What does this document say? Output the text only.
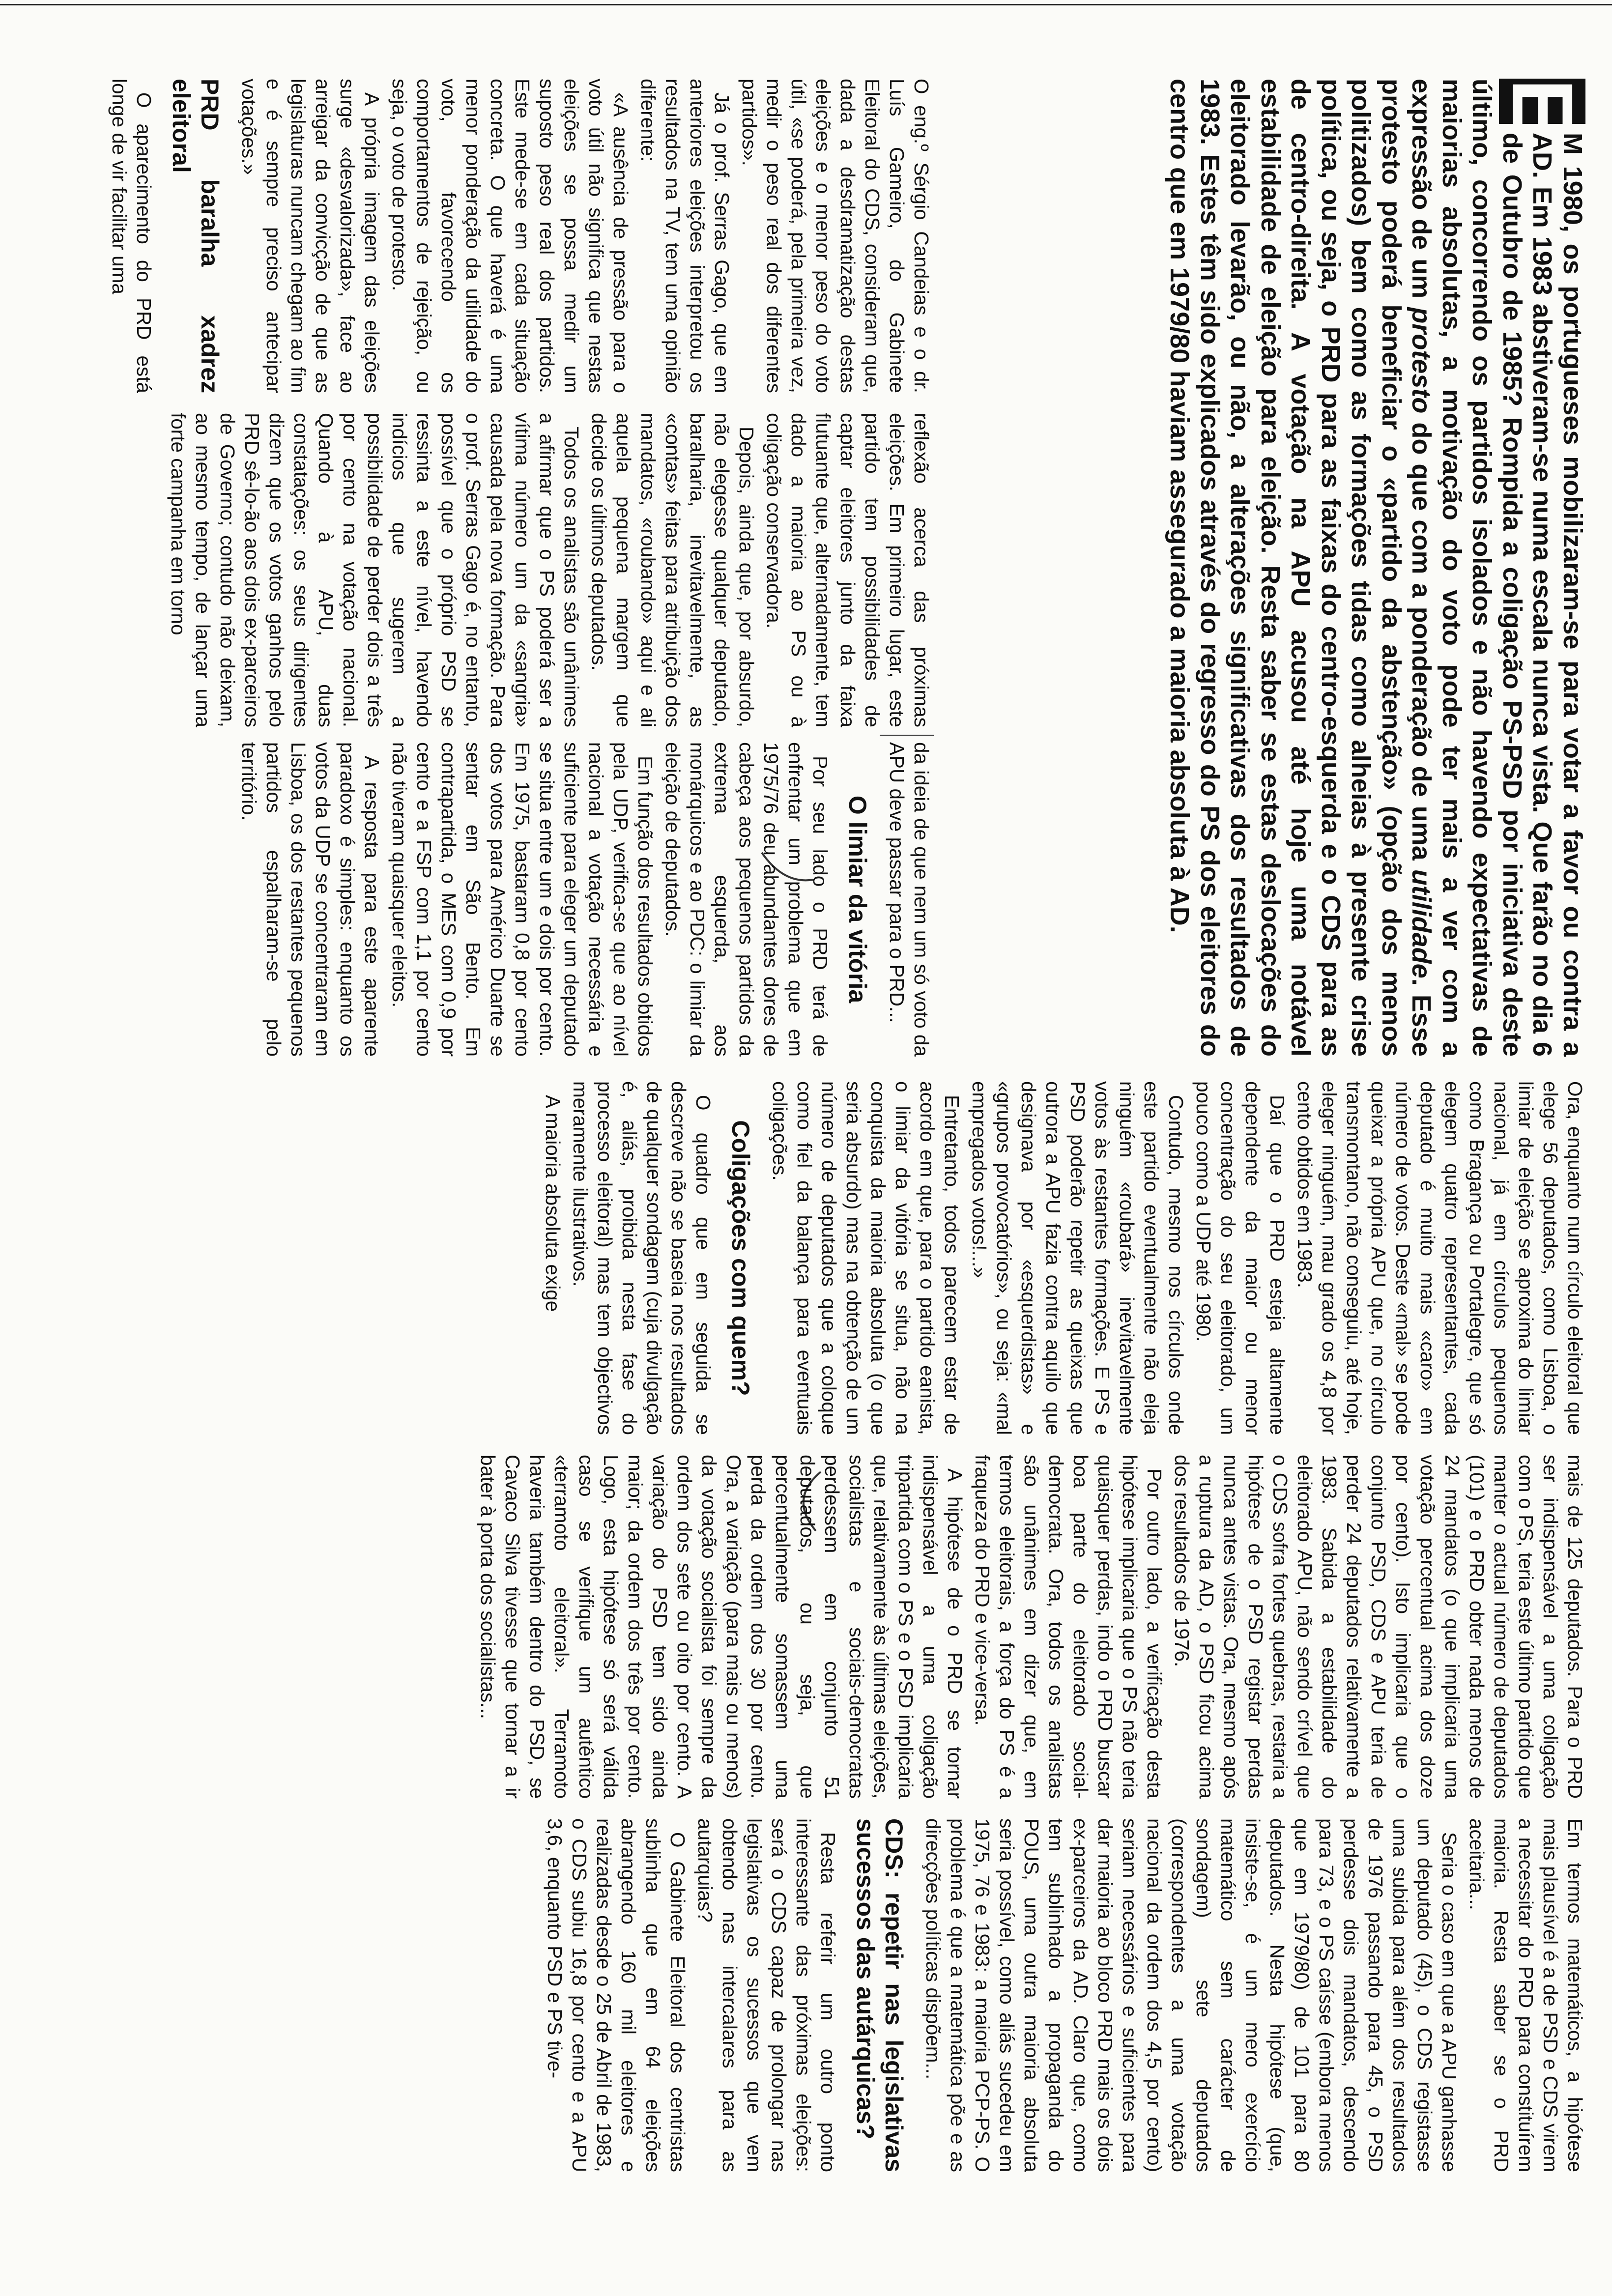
E
M 1980, os portugueses mobilizaram-se para votar a favor ou contra a AD. Em 1983 abstiveram-se numa escala nunca vista. Que farão no dia 6 de Outubro de 1985? Rompida a coligação PS-PSD por iniciativa deste último, concorrendo os partidos isolados e não havendo expectativas de maiorias absolutas, a motivação do voto pode ter mais a ver com a expressão de um protesto do que com a ponderação de uma utilidade. Esse protesto poderá beneficiar o «partido da abstenção» (opção dos menos politizados) bem como as formações tidas como alheias à presente crise política, ou seja, o PRD para as faixas do centro-esquerda e o CDS para as de centro-direita. A votação na APU acusou até hoje uma notável estabilidade de eleição para eleição. Resta saber se estas deslocações do eleitorado levarão, ou não, a alterações significativas dos resultados de 1983. Estes têm sido explicados através do regresso do PS dos eleitores do centro que em 1979/80 haviam assegurado a maioria absoluta à AD.

O eng.º Sérgio Candeias e o dr. Luís Gameiro, do Gabinete Eleitoral do CDS, consideram que, dada a desdramatização destas eleições e o menor peso do voto útil, «se poderá, pela primeira vez, medir o peso real dos diferentes partidos».

Já o prof. Serras Gago, que em anteriores eleições interpretou os resultados na TV, tem uma opinião diferente:

«A ausência de pressão para o voto útil não significa que nestas eleições se possa medir um suposto peso real dos partidos. Este mede-se em cada situação concreta. O que haverá é uma menor ponderação da utilidade do voto, favorecendo os comportamentos de rejeição, ou seja, o voto de protesto.

A própria imagem das eleições surge «desvalorizada», face ao arreigar da convicção de que as legislaturas nuncam chegam ao fim e é sempre preciso antecipar votações.»

PRD baralha xadrez eleitoral

O aparecimento do PRD está longe de vir facilitar uma

reflexão acerca das próximas eleições. Em primeiro lugar, este partido tem possibilidades de captar eleitores junto da faixa flutuante que, alternadamente, tem dado a maioria ao PS ou à coligação conservadora.

Depois, ainda que, por absurdo, não elegesse qualquer deputado, baralharia, inevitavelmente, as «contas» feitas para atribuição dos mandatos, «roubando» aqui e ali aquela pequena margem que decide os últimos deputados.

Todos os analistas são unânimes a afirmar que o PS poderá ser a vítima número um da «sangria» causada pela nova formação. Para o prof. Serras Gago é, no entanto, possível que o próprio PSD se ressinta a este nível, havendo indícios que sugerem a possibilidade de perder dois a três por cento na votação nacional. Quando à APU, duas constatações: os seus dirigentes dizem que os votos ganhos pelo PRD sê-lo-ão aos dois ex-parceiros de Governo; contudo não deixam, ao mesmo tempo, de lançar uma forte campanha em torno

da ideia de que nem um só voto da APU deve passar para o PRD...

O limiar da vitória

Por seu lado o PRD terá de enfrentar um problema que em 1975/76 deu abundantes dores de cabeça aos pequenos partidos da extrema esquerda, aos monárquicos e ao PDC: o limiar da eleição de deputados.

Em função dos resultados obtidos pela UDP, verifica-se que ao nível nacional a votação necessária e suficiente para eleger um deputado se situa entre um e dois por cento. Em 1975, bastaram 0,8 por cento dos votos para Américo Duarte se sentar em São Bento. Em contrapartida, o MES com 0,9 por cento e a FSP com 1,1 por cento não tiveram quaisquer eleitos.

A resposta para este aparente paradoxo é simples: enquanto os votos da UDP se concentraram em Lisboa, os dos restantes pequenos partidos espalharam-se pelo território.

Ora, enquanto num círculo eleitoral que elege 56 deputados, como Lisboa, o limiar de eleição se aproxima do limiar nacional, já em círculos pequenos como Bragança ou Portalegre, que só elegem quatro representantes, cada deputado é muito mais «caro» em número de votos. Deste «mal» se pode queixar a própria APU que, no círculo transmontano, não conseguiu, até hoje, eleger ninguém, mau grado os 4,8 por cento obtidos em 1983.

Daí que o PRD esteja altamente dependente da maior ou menor concentração do seu eleitorado, um pouco como a UDP até 1980.

Contudo, mesmo nos círculos onde este partido eventualmente não eleja ninguém «roubará» inevitavelmente votos às restantes formações. E PS e PSD poderão repetir as queixas que outrora a APU fazia contra aquilo que designava por «esquerdistas» e «grupos provocatórios», ou seja: «mal empregados votos!...»

Entretanto, todos parecem estar de acordo em que, para o partido eanista, o limiar da vitória se situa, não na conquista da maioria absoluta (o que seria absurdo) mas na obtenção de um número de deputados que a coloque como fiel da balança para eventuais coligações.

Coligações com quem?

O quadro que em seguida se descreve não se baseia nos resultados de qualquer sondagem (cuja divulgação é, aliás, proibida nesta fase do processo eleitoral) mas tem objectivos meramente ilustrativos.

A maioria absoluta exige

mais de 125 deputados. Para o PRD ser indispensável a uma coligação com o PS, teria este último partido que manter o actual número de deputados (101) e o PRD obter nada menos de 24 mandatos (o que implicaria uma votação percentual acima dos doze por cento). Isto implicaria que o conjunto PSD, CDS e APU teria de perder 24 deputados relativamente a 1983. Sabida a estabilidade do eleitorado APU, não sendo crível que o CDS sofra fortes quebras, restaria a hipótese de o PSD registar perdas nunca antes vistas. Ora, mesmo após a ruptura da AD, o PSD ficou acima dos resultados de 1976.

Por outro lado, a verificação desta hipótese implicaria que o PS não teria quaisquer perdas, indo o PRD buscar boa parte do eleitorado social-democrata. Ora, todos os analistas são unânimes em dizer que, em termos eleitorais, a força do PS é a fraqueza do PRD e vice-versa.

A hipótese de o PRD se tornar indispensável a uma coligação tripartida com o PS e o PSD implicaria que, relativamente às últimas eleições, socialistas e sociais-democratas perdessem em conjunto 51 deputados, ou seja, que percentualmente somassem uma perda da ordem dos 30 por cento. Ora, a variação (para mais ou menos) da votação socialista foi sempre da ordem dos sete ou oito por cento. A variação do PSD tem sido ainda maior; da ordem dos três por cento. Logo, esta hipótese só será válida caso se verifique um autêntico «terramoto eleitoral». Terramoto haveria também dentro do PSD, se Cavaco Silva tivesse que tornar a ir bater à porta dos socialistas...

Em termos matemáticos, a hipótese mais plausível é a de PSD e CDS virem a necessitar do PRD para constituírem maioria. Resta saber se o PRD aceitaria...

Seria o caso em que a APU ganhasse um deputado (45), o CDS registasse uma subida para além dos resultados de 1976 passando para 45, o PSD perdesse dois mandatos, descendo para 73, e o PS caísse (embora menos que em 1979/80) de 101 para 80 deputados. Nesta hipótese (que, insiste-se, é um mero exercício matemático sem carácter de sondagem) sete deputados (correspondentes a uma votação nacional da ordem dos 4,5 por cento) seriam necessários e suficientes para dar maioria ao bloco PRD mais os dois ex-parceiros da AD. Claro que, como tem sublinhado a propaganda do POUS, uma outra maioria absoluta seria possível, como aliás sucedeu em 1975, 76 e 1983: a maioria PCP-PS. O problema é que a matemática põe e as direcções políticas dispõem...

CDS: repetir nas legislativas sucessos das autárquicas?

Resta referir um outro ponto interessante das próximas eleições: será o CDS capaz de prolongar nas legislativas os sucessos que vem obtendo nas intercalares para as autarquias?

O Gabinete Eleitoral dos centristas sublinha que em 64 eleições abrangendo 160 mil eleitores e realizadas desde o 25 de Abril de 1983, o CDS subiu 16,8 por cento e a APU 3,6, enquanto PSD e PS tive-
